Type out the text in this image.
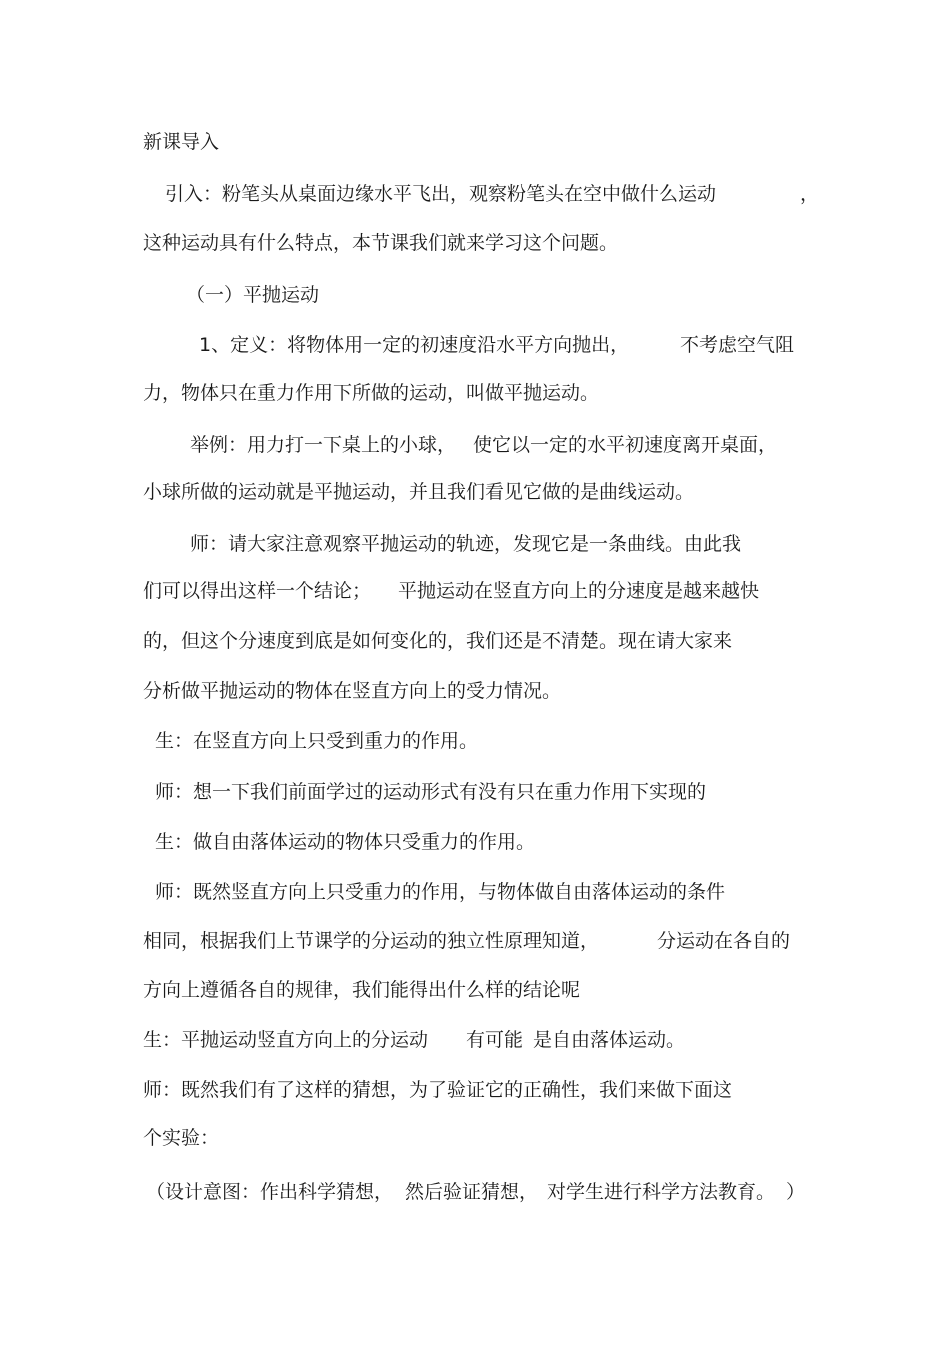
新课导入

引入：粉笔头从桌面边缘水平飞出，观察粉笔头在空中做什么运动	，

这种运动具有什么特点，本节课我们就来学习这个问题。

（一）平抛运动

1、定义：将物体用一定的初速度沿水平方向抛出，	不考虑空气阻

力，物体只在重力作用下所做的运动，叫做平抛运动。

举例：用力打一下桌上的小球， 使它以一定的水平初速度离开桌面，

小球所做的运动就是平抛运动，并且我们看见它做的是曲线运动。

师：请大家注意观察平抛运动的轨迹，发现它是一条曲线。由此我

们可以得出这样一个结论； 平抛运动在竖直方向上的分速度是越来越快

的，但这个分速度到底是如何变化的，我们还是不清楚。现在请大家来

分析做平抛运动的物体在竖直方向上的受力情况。

生：在竖直方向上只受到重力的作用。

师：想一下我们前面学过的运动形式有没有只在重力作用下实现的

生：做自由落体运动的物体只受重力的作用。

师：既然竖直方向上只受重力的作用，与物体做自由落体运动的条件

相同，根据我们上节课学的分运动的独立性原理知道，	分运动在各自的

方向上遵循各自的规律，我们能得出什么样的结论呢

生：平抛运动竖直方向上的分运动 有可能 是自由落体运动。

师：既然我们有了这样的猜想，为了验证它的正确性，我们来做下面这

个实验：

（设计意图：作出科学猜想， 然后验证猜想， 对学生进行科学方法教育。 ）
